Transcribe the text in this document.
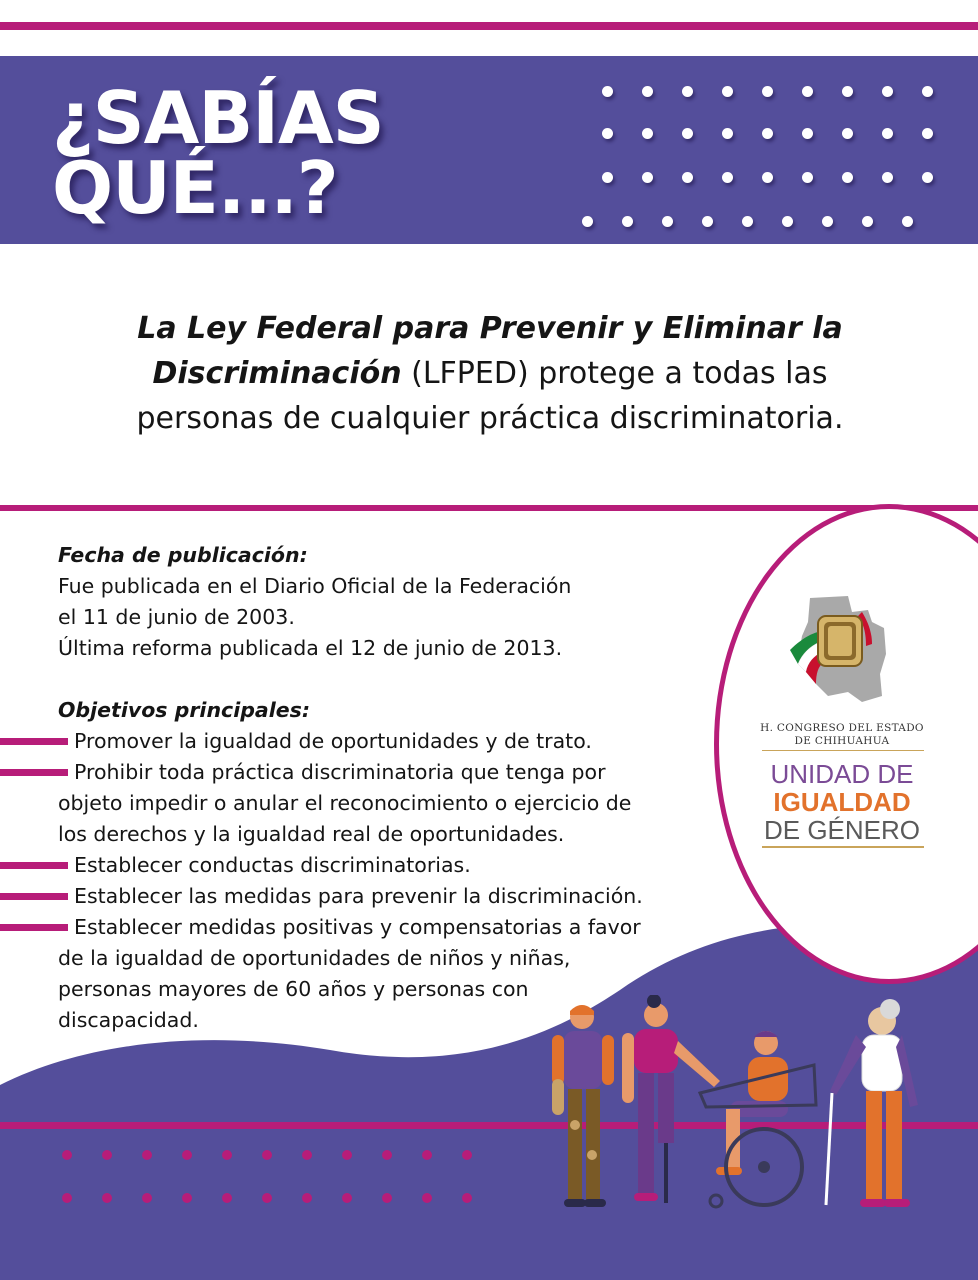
¿SABÍAS
QUÉ...?
La Ley Federal para Prevenir y Eliminar la
Discriminación (LFPED) protege a todas las
personas de cualquier práctica discriminatoria.
H. CONGRESO DEL ESTADO
DE CHIHUAHUA
UNIDAD DE
IGUALDAD
DE GÉNERO
Fecha de publicación:
Fue publicada en el Diario Oficial de la Federación
el 11 de junio de 2003.
Última reforma publicada el 12 de junio de 2013.
Objetivos principales:
Promover la igualdad de oportunidades y de trato.
Prohibir toda práctica discriminatoria que tenga por
objeto impedir o anular el reconocimiento o ejercicio de
los derechos y la igualdad real de oportunidades.
Establecer conductas discriminatorias.
Establecer las medidas para prevenir la discriminación.
Establecer medidas positivas y compensatorias a favor
de la igualdad de oportunidades de niños y niñas,
personas mayores de 60 años y personas con
discapacidad.
